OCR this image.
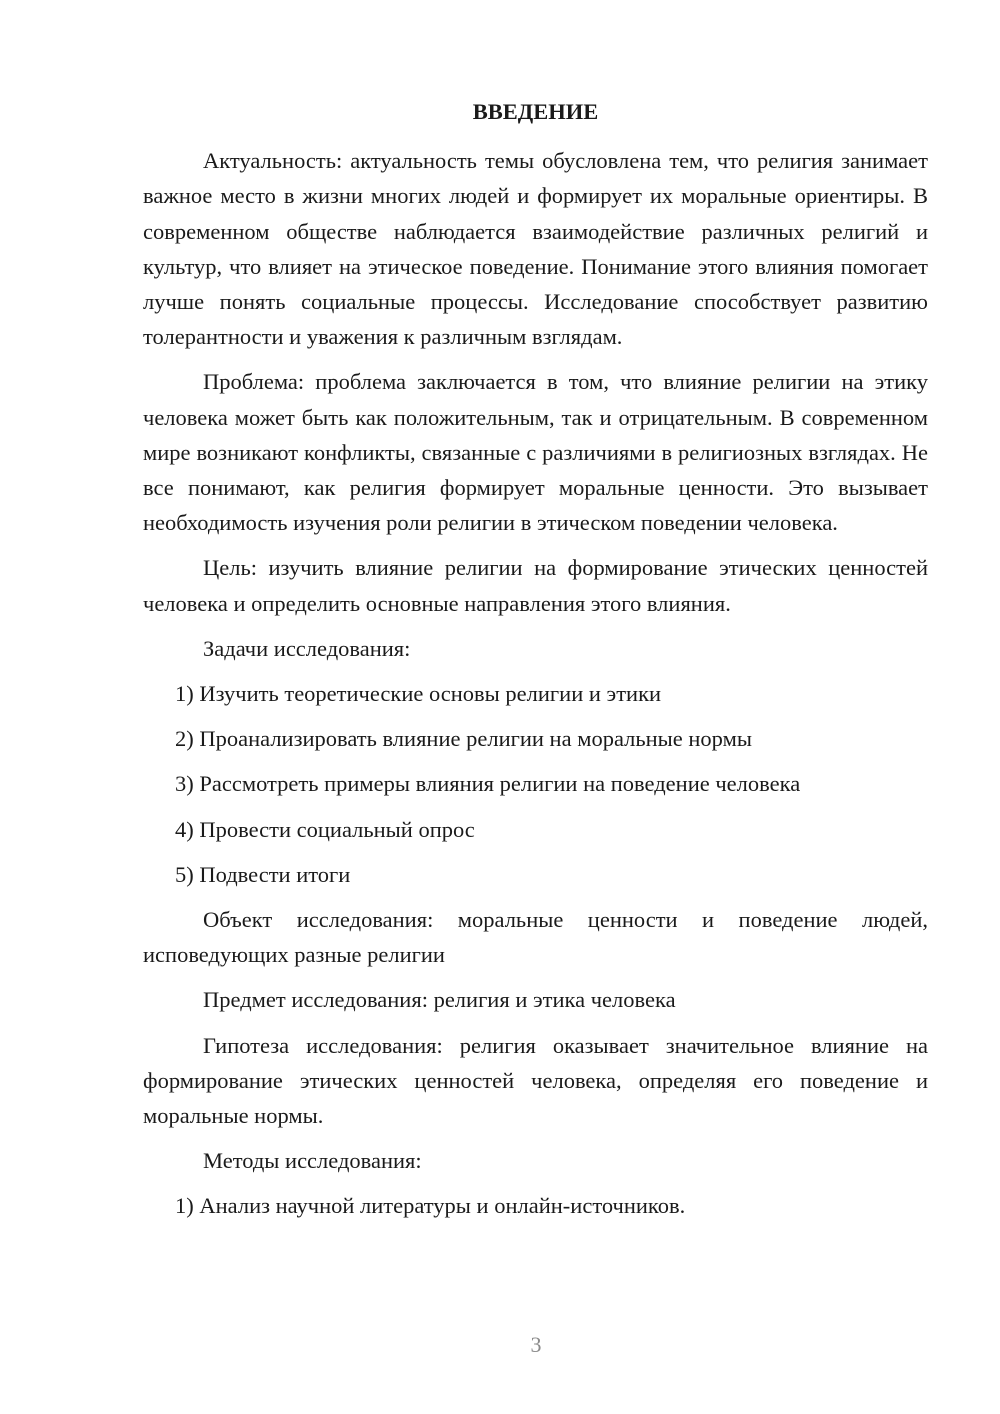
ВВЕДЕНИЕ

Актуальность: актуальность темы обусловлена тем, что религия занимает важное место в жизни многих людей и формирует их моральные ориентиры. В современном обществе наблюдается взаимодействие различных религий и культур, что влияет на этическое поведение. Понимание этого влияния помогает лучше понять социальные процессы. Исследование способствует развитию толерантности и уважения к различным взглядам.

Проблема: проблема заключается в том, что влияние религии на этику человека может быть как положительным, так и отрицательным. В современном мире возникают конфликты, связанные с различиями в религиозных взглядах. Не все понимают, как религия формирует моральные ценности. Это вызывает необходимость изучения роли религии в этическом поведении человека.

Цель: изучить влияние религии на формирование этических ценностей человека и определить основные направления этого влияния.

Задачи исследования:
1) Изучить теоретические основы религии и этики
2) Проанализировать влияние религии на моральные нормы
3) Рассмотреть примеры влияния религии на поведение человека
4) Провести социальный опрос
5) Подвести итоги

Объект исследования: моральные ценности и поведение людей, исповедующих разные религии

Предмет исследования: религия и этика человека

Гипотеза исследования: религия оказывает значительное влияние на формирование этических ценностей человека, определяя его поведение и моральные нормы.

Методы исследования:
1) Анализ научной литературы и онлайн-источников.
3
